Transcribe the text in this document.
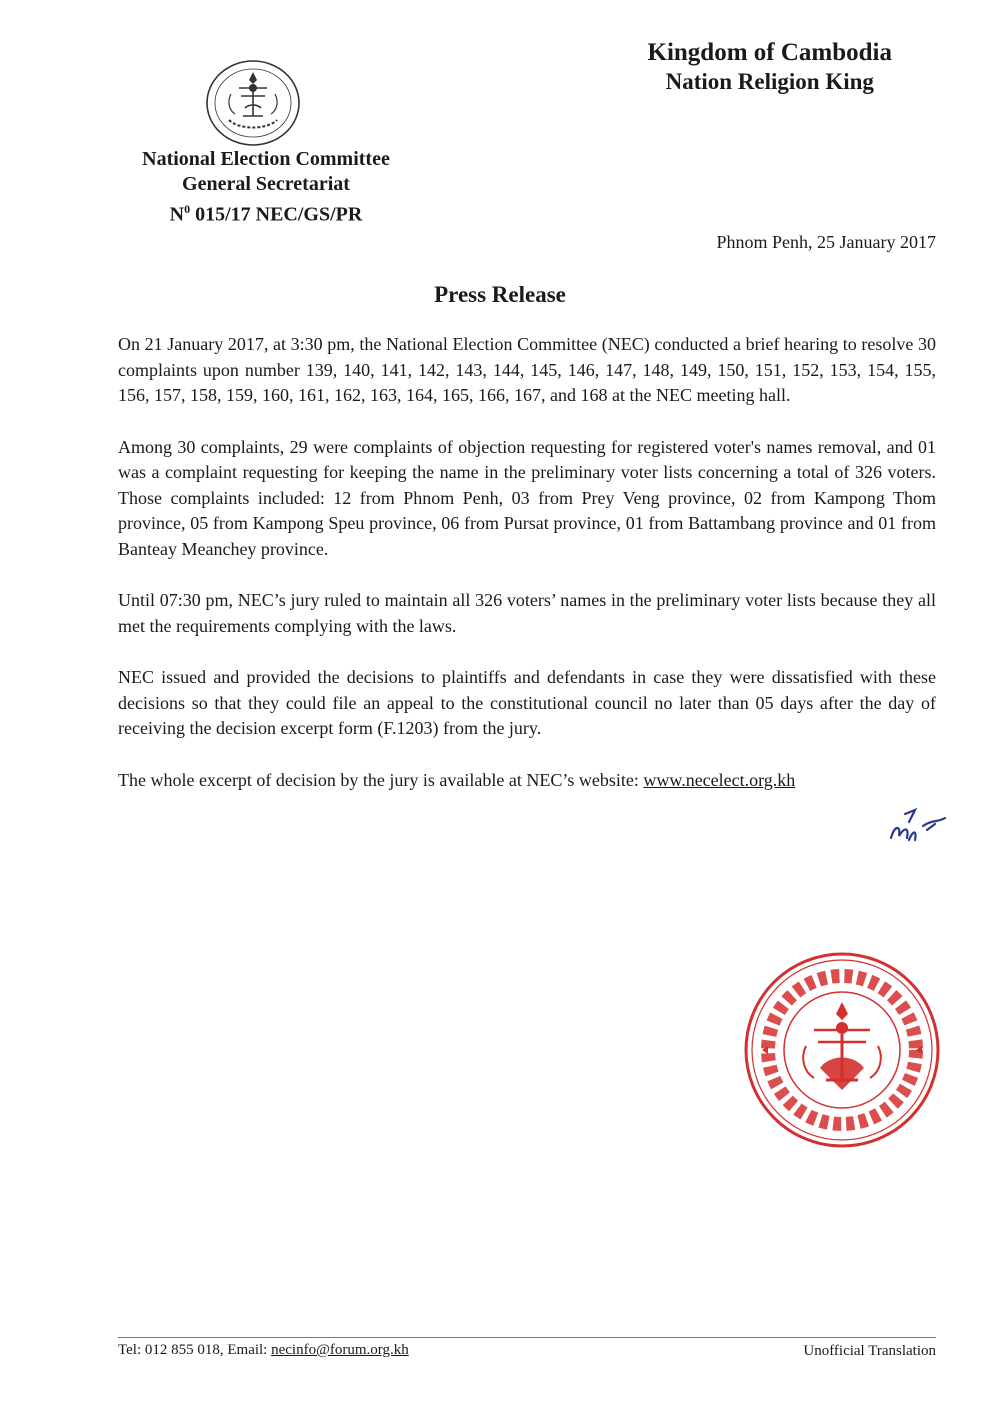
Kingdom of Cambodia
Nation Religion King
National Election Committee
General Secretariat
$N^0$ 015/17 NEC/GS/PR
Phnom Penh, 25 January 2017
Press Release

On 21 January 2017, at 3:30 pm, the National Election Committee (NEC) conducted a brief hearing to resolve 30 complaints upon number 139, 140, 141, 142, 143, 144, 145, 146, 147, 148, 149, 150, 151, 152, 153, 154, 155, 156, 157, 158, 159, 160, 161, 162, 163, 164, 165, 166, 167, and 168 at the NEC meeting hall.

Among 30 complaints, 29 were complaints of objection requesting for registered voter's names removal, and 01 was a complaint requesting for keeping the name in the preliminary voter lists concerning a total of 326 voters. Those complaints included: 12 from Phnom Penh, 03 from Prey Veng province, 02 from Kampong Thom province, 05 from Kampong Speu province, 06 from Pursat province, 01 from Battambang province and 01 from Banteay Meanchey province.

Until 07:30 pm, NEC’s jury ruled to maintain all 326 voters’ names in the preliminary voter lists because they all met the requirements complying with the laws.

NEC issued and provided the decisions to plaintiffs and defendants in case they were dissatisfied with these decisions so that they could file an appeal to the constitutional council no later than 05 days after the day of receiving the decision excerpt form (F.1203) from the jury.

The whole excerpt of decision by the jury is available at NEC’s website: www.necelect.org.kh

Tel: 012 855 018, Email: necinfo@forum.org.kh	Unofficial Translation
